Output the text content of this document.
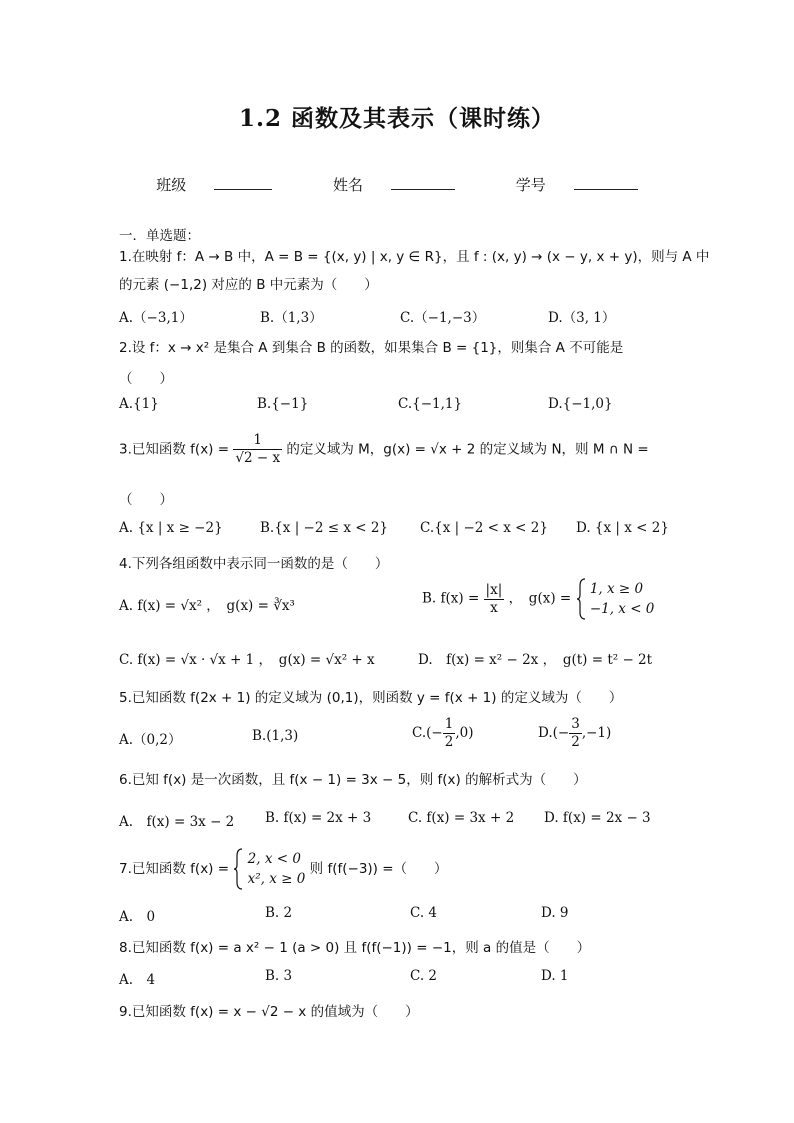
1.2 函数及其表示（课时练）
班级	姓名	学号
一．单选题：
1.在映射 f：A → B 中，A = B = {(x, y) | x, y ∈ R}，且 f : (x, y) → (x − y, x + y)，则与 A 中
的元素 (−1,2) 对应的 B 中元素为（　　）
A.（−3,1）	B.（1,3）	C.（−1,−3）	D.（3, 1）
2.设 f：x → x² 是集合 A 到集合 B 的函数，如果集合 B = {1}，则集合 A 不可能是
（　　）
A.{1}	B.{−1}	C.{−1,1}	D.{−1,0}
3.已知函数 $f(x) = \frac{1}{√2 - x}$ 的定义域为 M，g(x) = √x + 2 的定义域为 N，则 M ∩ N =
（　　）
A. {x | x ≥ −2}	B.{x | −2 ≤ x < 2} C.{x | −2 < x < 2} D. {x | x < 2}
4.下列各组函数中表示同一函数的是（　　）
A. f(x) = √x² ，　g(x) = ∛x³	B. $f(x) = \frac{|x|}{x}$ ，　g(x) =
1, x ≥ 0
−1, x < 0
C. f(x) = √x · √x + 1 ，　g(x) = √x² + x	D.　f(x) = x² − 2x ，　g(t) = t² − 2t
5.已知函数 f(2x + 1) 的定义域为 (0,1)，则函数 y = f(x + 1) 的定义域为（　　）
A.（0,2）	B.(1,3)	$C.(- \frac{1}{2} ,0)$	$D.(- \frac{3}{2} ,-1)$
6.已知 f(x) 是一次函数，且 f(x − 1) = 3x − 5，则 f(x) 的解析式为（　　）
A.　f(x) = 3x − 2 B. f(x) = 2x + 3	C. f(x) = 3x + 2 D. f(x) = 2x − 3
7.已知函数 f(x) =
2, x < 0
x², x ≥ 0
则 f(f(−3)) =（　　）
A.　0	B. 2	C. 4	D. 9
8.已知函数 f(x) = a x² − 1 (a > 0) 且 f(f(−1)) = −1，则 a 的值是（　　）
A.　4	B. 3	C. 2	D. 1
9.已知函数 f(x) = x − √2 − x 的值域为（　　）
